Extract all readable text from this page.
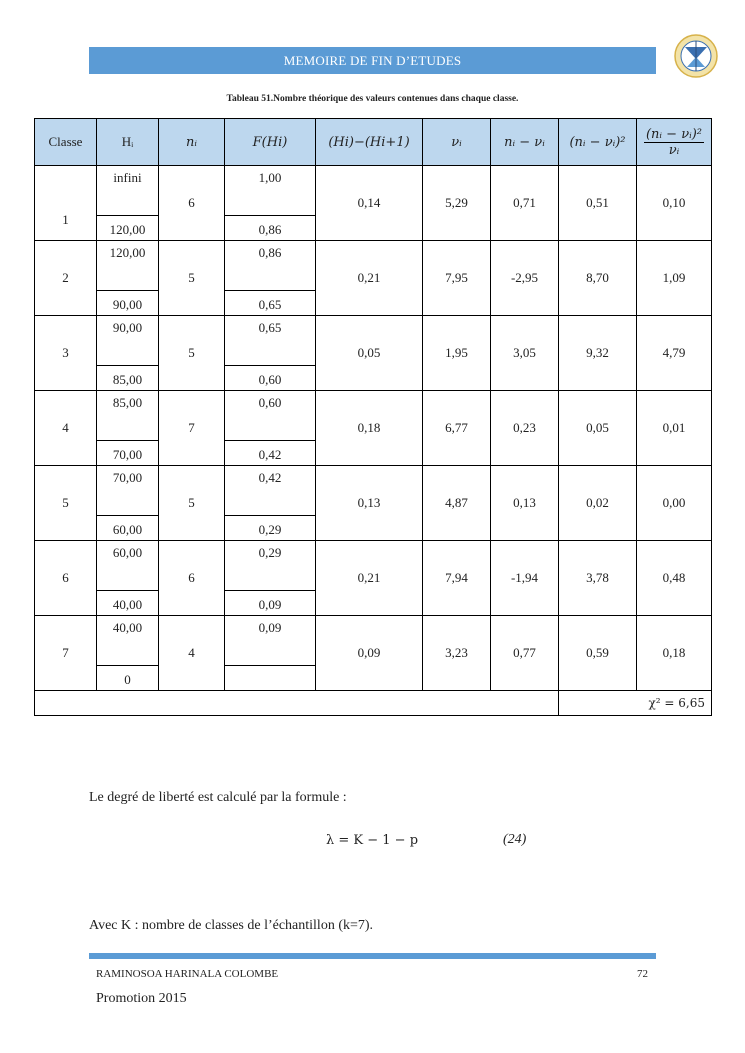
MEMOIRE DE FIN D’ETUDES
Tableau 51.Nombre théorique des valeurs contenues dans chaque classe.
Classe	Hᵢ	𝑛ᵢ	𝐹(𝐻𝑖)	(𝐻𝑖)−(𝐻𝑖+1)	𝜈ᵢ	𝑛ᵢ − 𝜈ᵢ	(𝑛ᵢ − 𝜈ᵢ)²	$\frac{\text{(𝑛ᵢ − 𝜈ᵢ)²}}{\text{𝜈ᵢ}}$

1	infini	6	1,00	0,14	5,29	0,71	0,51	0,10
	120,00		0,86					
2	120,00	5	0,86	0,21	7,95	-2,95	8,70	1,09
	90,00		0,65					
3	90,00	5	0,65	0,05	1,95	3,05	9,32	4,79
	85,00		0,60					
4	85,00	7	0,60	0,18	6,77	0,23	0,05	0,01
	70,00		0,42					
5	70,00	5	0,42	0,13	4,87	0,13	0,02	0,00
	60,00		0,29					
6	60,00	6	0,29	0,21	7,94	-1,94	3,78	0,48
	40,00		0,09					
7	40,00	4	0,09	0,09	3,23	0,77	0,59	0,18
	0							
							χ² = 6,65	
Le degré de liberté est calculé par la formule :
λ = K − 1 − p	(24)
Avec K : nombre de classes de l’échantillon (k=7).
RAMINOSOA HARINALA COLOMBE	72
Promotion 2015
